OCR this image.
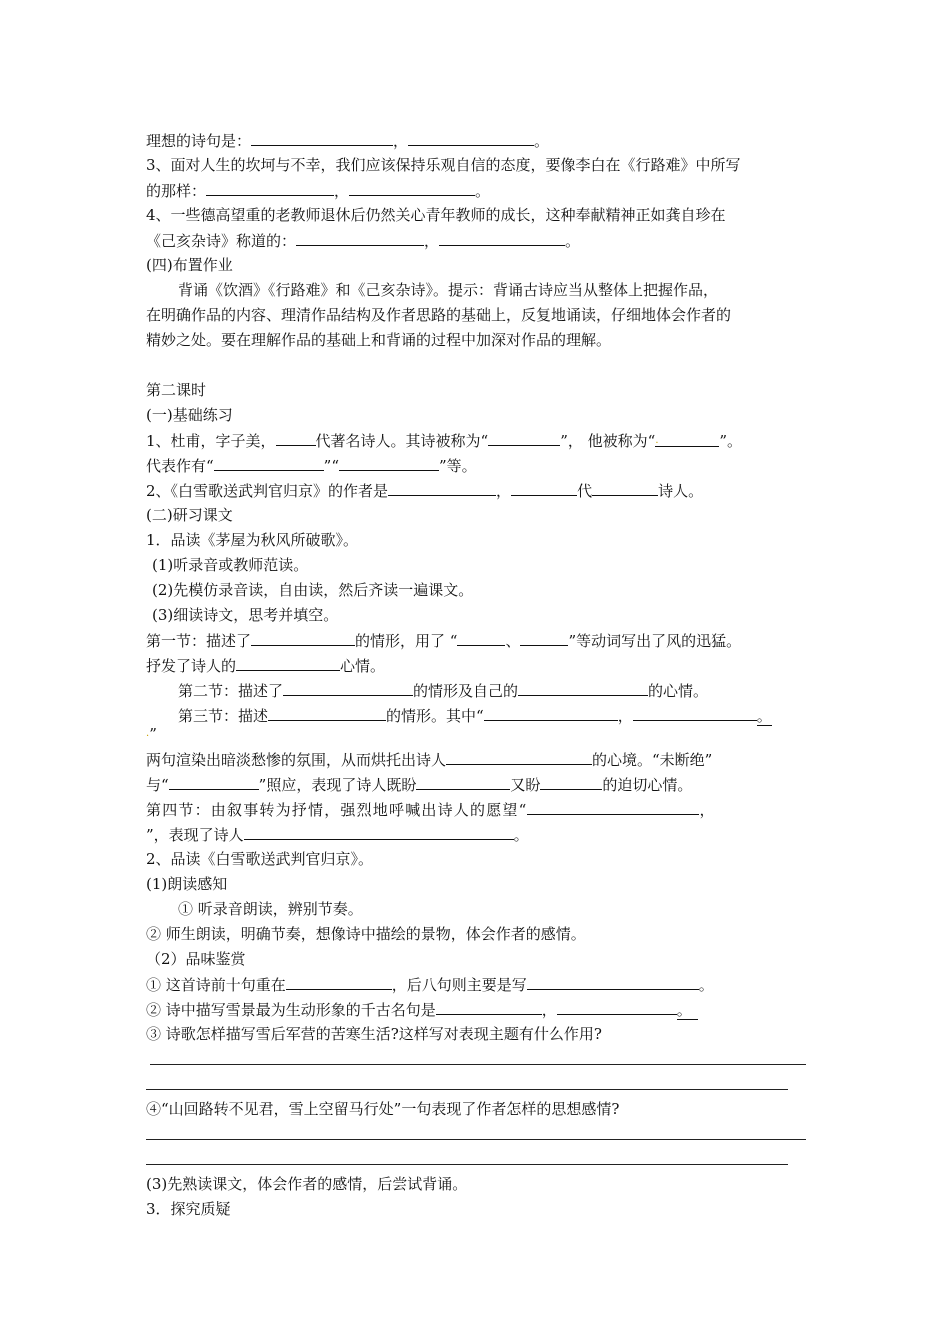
理想的诗句是：	，	。
3、面对人生的坎坷与不幸，我们应该保持乐观自信的态度，要像李白在《行路难》中所写
的那样：	，	。
4、一些德高望重的老教师退休后仍然关心青年教师的成长，这种奉献精神正如龚自珍在
《己亥杂诗》称道的：	，	。
(四)布置作业
背诵《饮酒》《行路难》和《己亥杂诗》。提示：背诵古诗应当从整体上把握作品，
在明确作品的内容、理清作品结构及作者思路的基础上，反复地诵读，仔细地体会作者的
精妙之处。要在理解作品的基础上和背诵的过程中加深对作品的理解。
第二课时
(一)基础练习
1、杜甫，字子美，	代著名诗人。其诗被称为“	”， 他被称为“·	”。
代表作有“	”“	”等。
2、《白雪歌送武判官归京》的作者是	，	代	诗人。
(二)研习课文
1．品读《茅屋为秋风所破歌》。
(1)听录音或教师范读。
(2)先模仿录音读，自由读，然后齐读一遍课文。
(3)细读诗文，思考并填空。
第一节：描述了	的情形，用了 “	、	”等动词写出了风的迅猛。
抒发了诗人的	心情。
第二节：描述了	的情形及自己的	的心情。
第三节：描述	的情形。其中“	，	。
·”
两句渲染出暗淡愁惨的氛围，从而烘托出诗人	的心境。“未断绝”
与“	”照应，表现了诗人既盼	又盼	的迫切心情。
第四节：由叙事转为抒情，强烈地呼喊出诗人的愿望“	，
”，表现了诗人	。
2、品读《白雪歌送武判官归京》。
(1)朗读感知
① 听录音朗读，辨别节奏。
② 师生朗读，明确节奏，想像诗中描绘的景物，体会作者的感情。
（2）品味鉴赏
① 这首诗前十句重在	，后八句则主要是写	。
② 诗中描写雪景最为生动形象的千古名句是	，	。
③ 诗歌怎样描写雪后军营的苦寒生活?这样写对表现主题有什么作用?
④“山回路转不见君，雪上空留马行处”一句表现了作者怎样的思想感情?
(3)先熟读课文，体会作者的感情，后尝试背诵。
3．探究质疑
